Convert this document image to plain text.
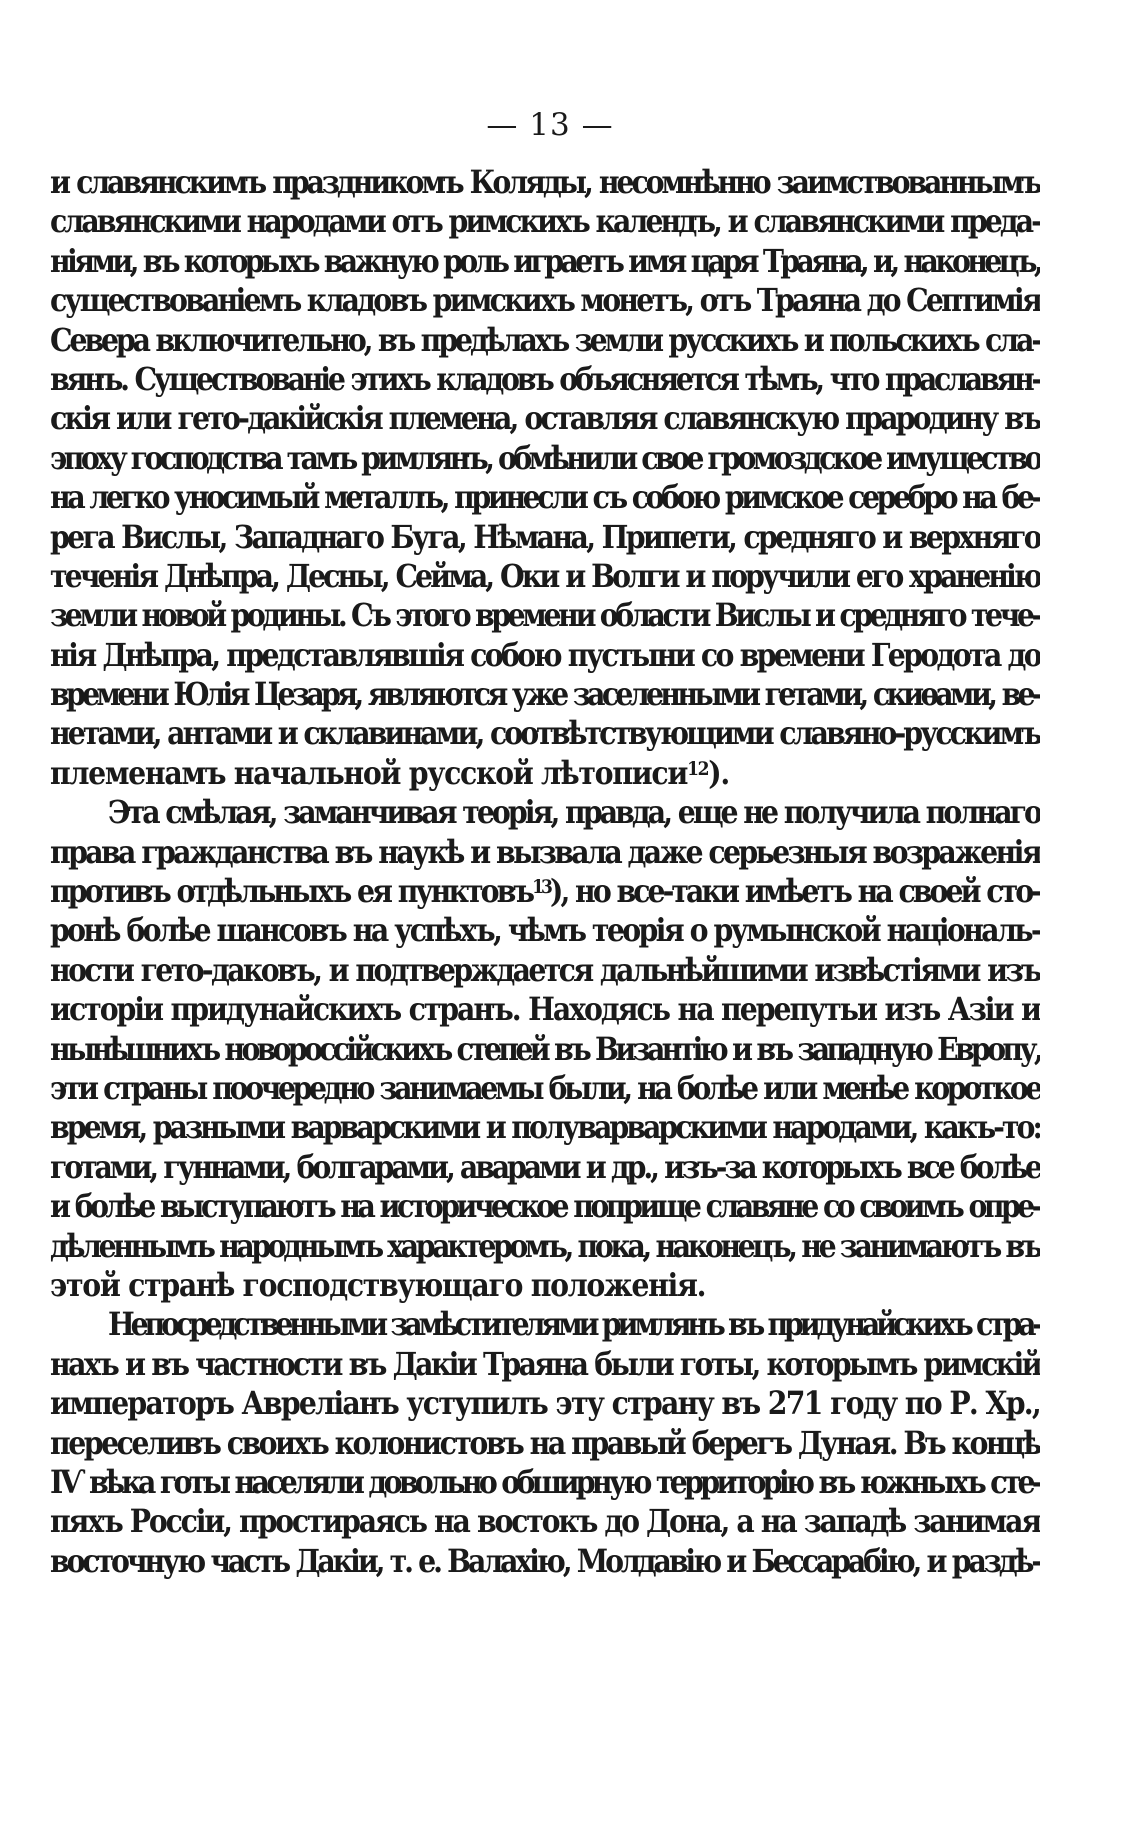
— 13 —
и славянскимъ праздникомъ Коляды, несомнѣнно заимствованнымъ
славянскими народами отъ римскихъ календъ, и славянскими преда-
ніями, въ которыхъ важную роль играетъ имя царя Траяна, и, наконецъ,
существованіемъ кладовъ римскихъ монетъ, отъ Траяна до Септимія
Севера включительно, въ предѣлахъ земли русскихъ и польскихъ сла-
вянъ. Существованіе этихъ кладовъ объясняется тѣмъ, что праславян-
скія или гето-дакійскія племена, оставляя славянскую прародину въ
эпоху господства тамъ римлянъ, обмѣнили свое громоздское имущество
на легко уносимый металлъ, принесли съ собою римское серебро на бе-
рега Вислы, Западнаго Буга, Нѣмана, Припети, средняго и верхняго
теченія Днѣпра, Десны, Сейма, Оки и Волги и поручили его храненію
земли новой родины. Съ этого времени области Вислы и средняго тече-
нія Днѣпра, представлявшія собою пустыни со времени Геродота до
времени Юлія Цезаря, являются уже заселенными гетами, скиѳами, ве-
нетами, антами и склавинами, соотвѣтствующими славяно-русскимъ
племенамъ начальной русской лѣтописи$^{12}$).
Эта смѣлая, заманчивая теорія, правда, еще не получила полнаго
права гражданства въ наукѣ и вызвала даже серьезныя возраженія
противъ отдѣльныхъ ея пунктовъ$^{13}$), но все-таки имѣетъ на своей сто-
ронѣ болѣе шансовъ на успѣхъ, чѣмъ теорія о румынской національ-
ности гето-даковъ, и подтверждается дальнѣйшими извѣстіями изъ
исторіи придунайскихъ странъ. Находясь на перепутьи изъ Азіи и
нынѣшнихъ новороссійскихъ степей въ Византію и въ западную Европу,
эти страны поочередно занимаемы были, на болѣе или менѣе короткое
время, разными варварскими и полуварварскими народами, какъ-то:
готами, гуннами, болгарами, аварами и др., изъ-за которыхъ все болѣе
и болѣе выступаютъ на историческое поприще славяне со своимъ опре-
дѣленнымъ народнымъ характеромъ, пока, наконецъ, не занимаютъ въ
этой странѣ господствующаго положенія.
Непосредственными замѣстителями римлянъ въ придунайскихъ стра-
нахъ и въ частности въ Дакіи Траяна были готы, которымъ римскій
императоръ Авреліанъ уступилъ эту страну въ 271 году по Р. Хр.,
переселивъ своихъ колонистовъ на правый берегъ Дуная. Въ концѣ
IѴ вѣка готы населяли довольно обширную территорію въ южныхъ сте-
пяхъ Россіи, простираясь на востокъ до Дона, а на западѣ занимая
восточную часть Дакіи, т. е. Валахію, Молдавію и Бессарабію, и раздѣ-
